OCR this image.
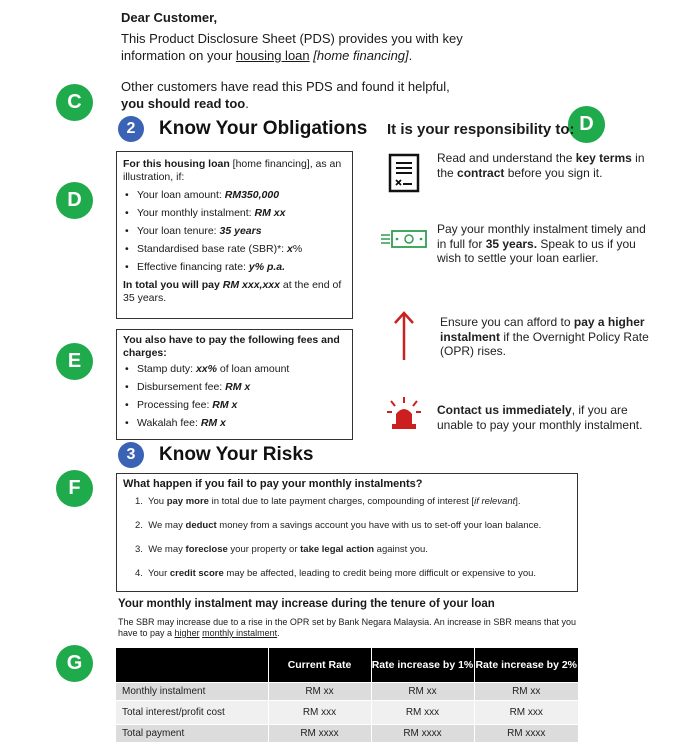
Dear Customer,
This Product Disclosure Sheet (PDS) provides you with key information on your housing loan [home financing].
Other customers have read this PDS and found it helpful,
you should read too.
C
D
D
E
F
G
2	Know Your Obligations
For this housing loan [home financing], as an illustration, if:
• Your loan amount: RM350,000
• Your monthly instalment: RM xx
• Your loan tenure: 35 years
• Standardised base rate (SBR)*: x%
• Effective financing rate: y% p.a.
In total you will pay RM xxx,xxx at the end of 35 years.
You also have to pay the following fees and charges:
• Stamp duty: xx% of loan amount
• Disbursement fee: RM x
• Processing fee: RM x
• Wakalah fee: RM x
It is your responsibility to:
Read and understand the key terms in the contract before you sign it.
Pay your monthly instalment timely and in full for 35 years. Speak to us if you wish to settle your loan earlier.
Ensure you can afford to pay a higher instalment if the Overnight Policy Rate (OPR) rises.
Contact us immediately, if you are unable to pay your monthly instalment.
3	Know Your Risks
What happen if you fail to pay your monthly instalments?
1. You pay more in total due to late payment charges, compounding of interest [if relevant].
2. We may deduct money from a savings account you have with us to set-off your loan balance.
3. We may foreclose your property or take legal action against you.
4. Your credit score may be affected, leading to credit being more difficult or expensive to you.
Your monthly instalment may increase during the tenure of your loan
The SBR may increase due to a rise in the OPR set by Bank Negara Malaysia. An increase in SBR means that you have to pay a higher monthly instalment.
	Current Rate	Rate increase by 1%	Rate increase by 2%
Monthly instalment	RM xx	RM xx	RM xx
Total interest/profit cost	RM xxx	RM xxx	RM xxx
Total payment	RM xxxx	RM xxxx	RM xxxx
